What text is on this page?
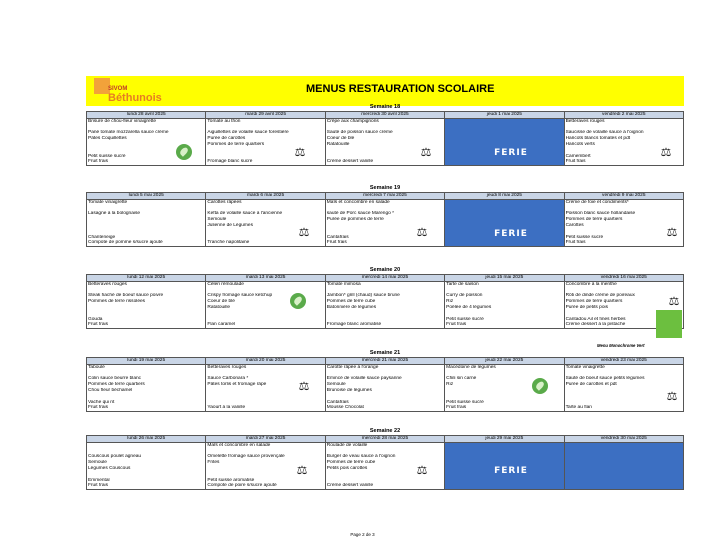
SIVOM
Béthunois
MENUS RESTAURATION SCOLAIRE
Semaine 18
lundi 28 avril 2025	mardi 29 avril 2025	mercredi 30 avril 2025	jeudi 1 mai 2025	vendredi 2 mai 2025
Brisure de chou-fleur vinaigrette	Tomate au thon	Crêpe aux champignons		Betteraves rouges

Pané tomate mozzarella sauce crème	Aiguillettes de volaille sauce forestière	Sauté de poisson sauce crème		Saucisse de volaille sauce à l'oignon
Pâtes Coquillettes	Purée de carottes	Coeur de blé		Haricots blancs tomatés et pdt
	Pommes de terre quartiers	Ratatouille		Haricots verts

Petit suisse sucré				Camembert
Fruit frais	Fromage blanc sucré	Crème dessert vanille		Fruit frais
Semaine 19
lundi 5 mai 2025	mardi 6 mai 2025	mercredi 7 mai 2025	jeudi 8 mai 2025	vendredi 9 mai 2025
Tomate vinaigrette	Carottes râpées	Maïs et concombre en salade		Crème de foie et condiments*

Lasagne à la bolognaise	Kefta de volaille sauce à l'ancienne	sauté de Porc sauce Marengo *		Poisson blanc sauce hollandaise
	Semoule	Purée de pommes de terre		Pommes de terre quartiers
	Julienne de Légumes			Carottes

Chanteneige		Cantafrais		Petit suisse sucré
Compote de pomme s/sucre ajouté	Tranche napolitaine	Fruit frais		Fruit frais
Semaine 20
lundi 12 mai 2025	mardi 13 mai 2025	mercredi 14 mai 2025	jeudi 15 mai 2025	vendredi 16 mai 2025
Betteraves rouges	Céleri rémoulade	Tomate mimosa	Tarte de saison	Concombre à la menthe

Steak haché de boeuf sauce poivre	Crispy fromage sauce ketchup	Jambon* grill (chaud) sauce brune	Curry de poisson	Rôti de dinde crème de poireaux
Pommes de terre rissolées	Coeur de blé	Pommes de terre cube	Riz	Pommes de terre quartiers
	Ratatouille	Batonnière de légumes	Poêlée de 4 légumes	Purée de petits pois

Gouda			Petit suisse sucré	Cantadou Ail et fines herbes
Fruit frais	Flan caramel	Fromage blanc aromatisé	Fruit frais	Crème dessert à la pistache
Semaine 21
lundi 19 mai 2025	mardi 20 mai 2025	mercredi 21 mai 2025	jeudi 22 mai 2025	vendredi 23 mai 2025
Taboulé	Betteraves rouges	Carotte râpée à l'orange	Macédoine de légumes	Tomate vinaigrette

Colin sauce beurre blanc	Sauce Carbonara *	Emincé de volaille sauce paysanne	Chili sin carné	Sauté de boeuf sauce petits légumes
Pommes de terre quartiers	Pâtes torlis et fromage râpé	Semoule	Riz	Purée de carottes et pdt
Chou fleur béchamel		Brunoise de légumes		

Vache qui rit		Cantafrais	Petit suisse sucré	
Fruit frais	Yaourt à la vanille	Mousse Chocolat	Fruit frais	Tarte au flan
Semaine 22
lundi 26 mai 2025	mardi 27 mai 2025	mercredi 28 mai 2025	jeudi 29 mai 2025	vendredi 30 mai 2025
	Maïs et concombre en salade	Roulade de volaille		

Couscous poulet agneau	Omelette fromage sauce provençale	Burger de veau sauce à l'oignon		
Semoule	Frites	Pommes de terre cube		
Légumes Couscous		Petits pois carottes		

Emmental	Petit suisse aromatisé			
Fruit frais	Compote de poire s/sucre ajouté	Crème dessert vanille		
Menu Monochrome Vert
Page 2 de 3
FERIE
FERIE
FERIE
⚖	⚖	⚖
⚖	⚖	⚖
⚖
⚖
⚖
⚖	⚖
